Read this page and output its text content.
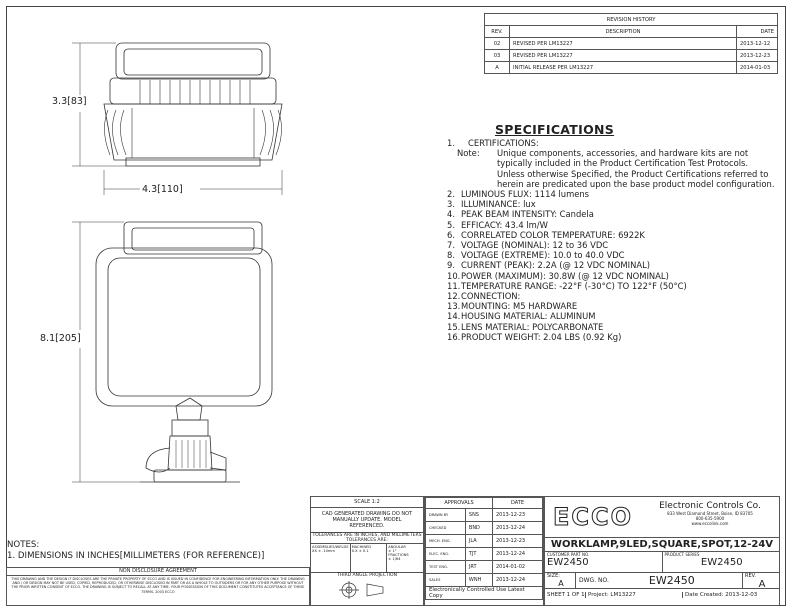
REVISION HISTORY		
REV.	DESCRIPTION	DATE
02	REVISED PER LM13227	2013-12-12
03	REVISED PER LM13227	2013-12-23
A	INITIAL RELEASE PER LM13227	2014-01-03
3.3[83]
4.3[110]
8.1[205]
SPECIFICATIONS
1.	CERTIFICATIONS:
Note:	Unique components, accessories, and hardware kits are not typically included in the Product Certification Test Protocols. Unless otherwise Specified, the Product Certifications referred to herein are predicated upon the base product model configuration.
2. LUMINOUS FLUX: 1114 lumens
3. ILLUMINANCE: lux
4. PEAK BEAM INTENSITY: Candela
5. EFFICACY: 43.4 lm/W
6. CORRELATED COLOR TEMPERATURE: 6922K
7. VOLTAGE (NOMINAL): 12 to 36 VDC
8. VOLTAGE (EXTREME): 10.0 to 40.0 VDC
9. CURRENT (PEAK): 2.2A (@ 12 VDC NOMINAL)
10. POWER (MAXIMUM): 30.8W (@ 12 VDC NOMINAL)
11. TEMPERATURE RANGE: -22°F (-30°C) TO 122°F (50°C)
12. CONNECTION:
13. MOUNTING: M5 HARDWARE
14. HOUSING MATERIAL: ALUMINUM
15. LENS MATERIAL: POLYCARBONATE
16. PRODUCT WEIGHT: 2.04 LBS (0.92 Kg)
NOTES:
1. DIMENSIONS IN INCHES[MILLIMETERS (FOR REFERENCE)]
NON DISCLOSURE AGREEMENT
THIS DRAWING AND THE DESIGN IT DISCLOSES ARE THE PRIVATE PROPERTY OF ECCO AND IS ISSUED IN CONFIDENCE FOR ENGINEERING INFORMATION ONLY. THE DRAWING AND / OR DESIGN MAY NOT BE USED, COPIED, REPRODUCED, OR OTHERWISE DISCLOSED IN PART OR AS A WHOLE TO OUTSIDERS OR FOR ANY OTHER PURPOSE WITHOUT THE PRIOR WRITTEN CONSENT OF ECCO. THE DRAWING IS SUBJECT TO RECALL AT ANY TIME. YOUR POSSESSION OF THIS DOCUMENT CONSTITUTES ACCEPTANCE OF THESE TERMS. 2003 ECCO
SCALE 1:2
CAD GENERATED DRAWING DO NOT MANUALLY UPDATE. MODEL REFERENCED.
TOLERANCES ARE IN INCHES, AND MILLIMETERS TOLERANCES ARE:
ASSEMBLIES/WELDS
XX ± .10mm
MACHINED
X.X ± 0.1
ANGULAR
± 1°
FRACTIONS
± 1/64
THIRD ANGLE PROJECTION
APPROVALS		DATE
DRAWN BY	SNS	2013-12-23
CHECKED	BND	2013-12-24
MECH. ENG.	JLA	2013-12-23
ELEC. ENG.	TJT	2013-12-24
TEST ENG.	JRT	2014-01-02
SALES	WNH	2013-12-24
Electronically Controlled Use Latest Copy		
ECCO	Electronic Controls Co.
833 West Diamond Street, Boise, ID 83705
800-635-5900
www.eccolink.com
WORKLAMP,9LED,SQUARE,SPOT,12-24V
CUSTOMER PART NO.
EW2450
PRODUCT SERIES
EW2450
SIZE:
A	DWG. NO.	EW2450	REV.
A
SHEET 1 OF 1 Project: LM13227	Date Created: 2013-12-03
